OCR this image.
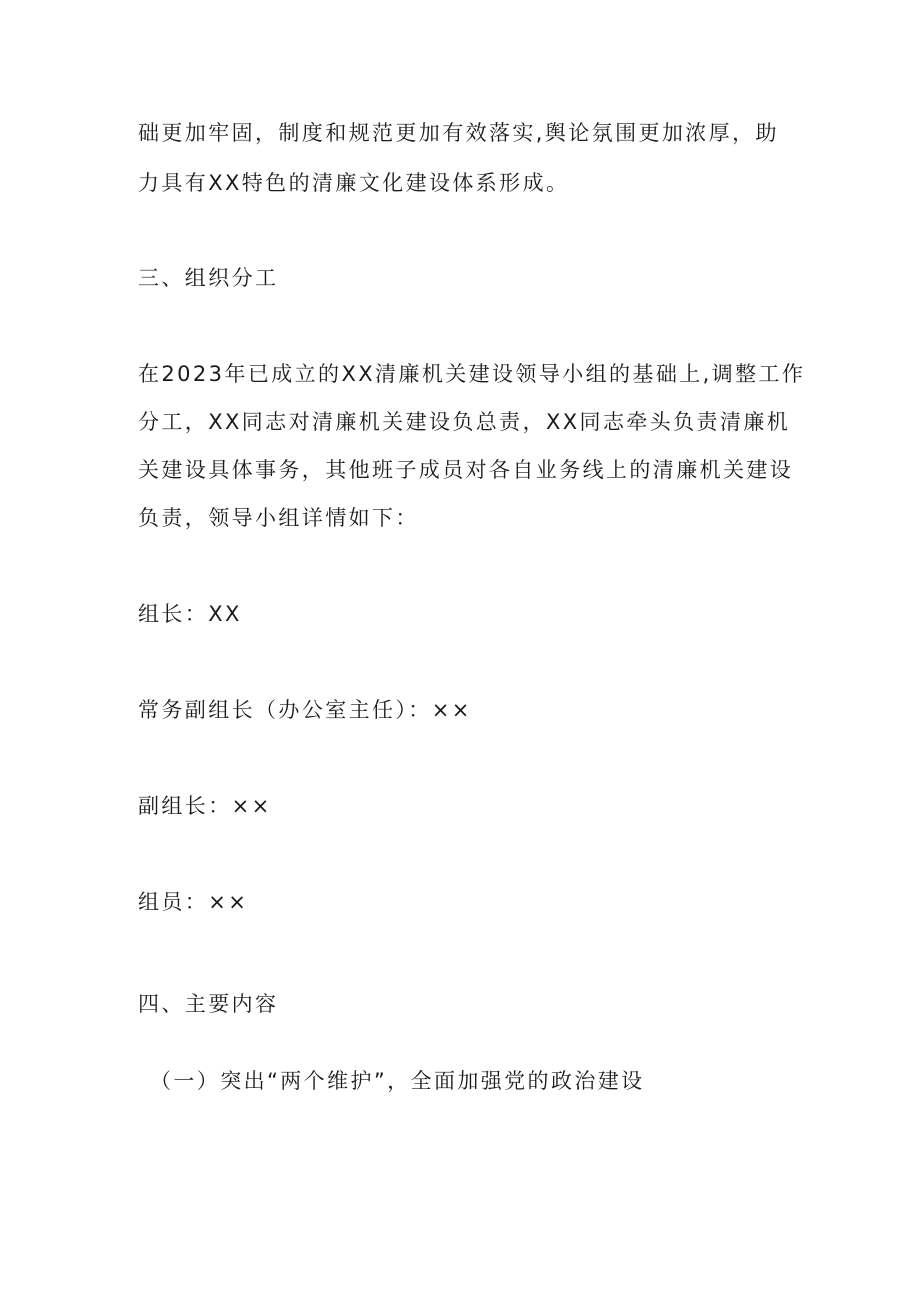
础更加牢固，制度和规范更加有效落实,舆论氛围更加浓厚，助
力具有XX特色的清廉文化建设体系形成。
三、组织分工
在2023年已成立的XX清廉机关建设领导小组的基础上,调整工作
分工，XX同志对清廉机关建设负总责，XX同志牵头负责清廉机
关建设具体事务，其他班子成员对各自业务线上的清廉机关建设
负责，领导小组详情如下：
组长：XX
常务副组长（办公室主任）：××
副组长：××
组员：××
四、主要内容
（一）突出“两个维护”，全面加强党的政治建设
